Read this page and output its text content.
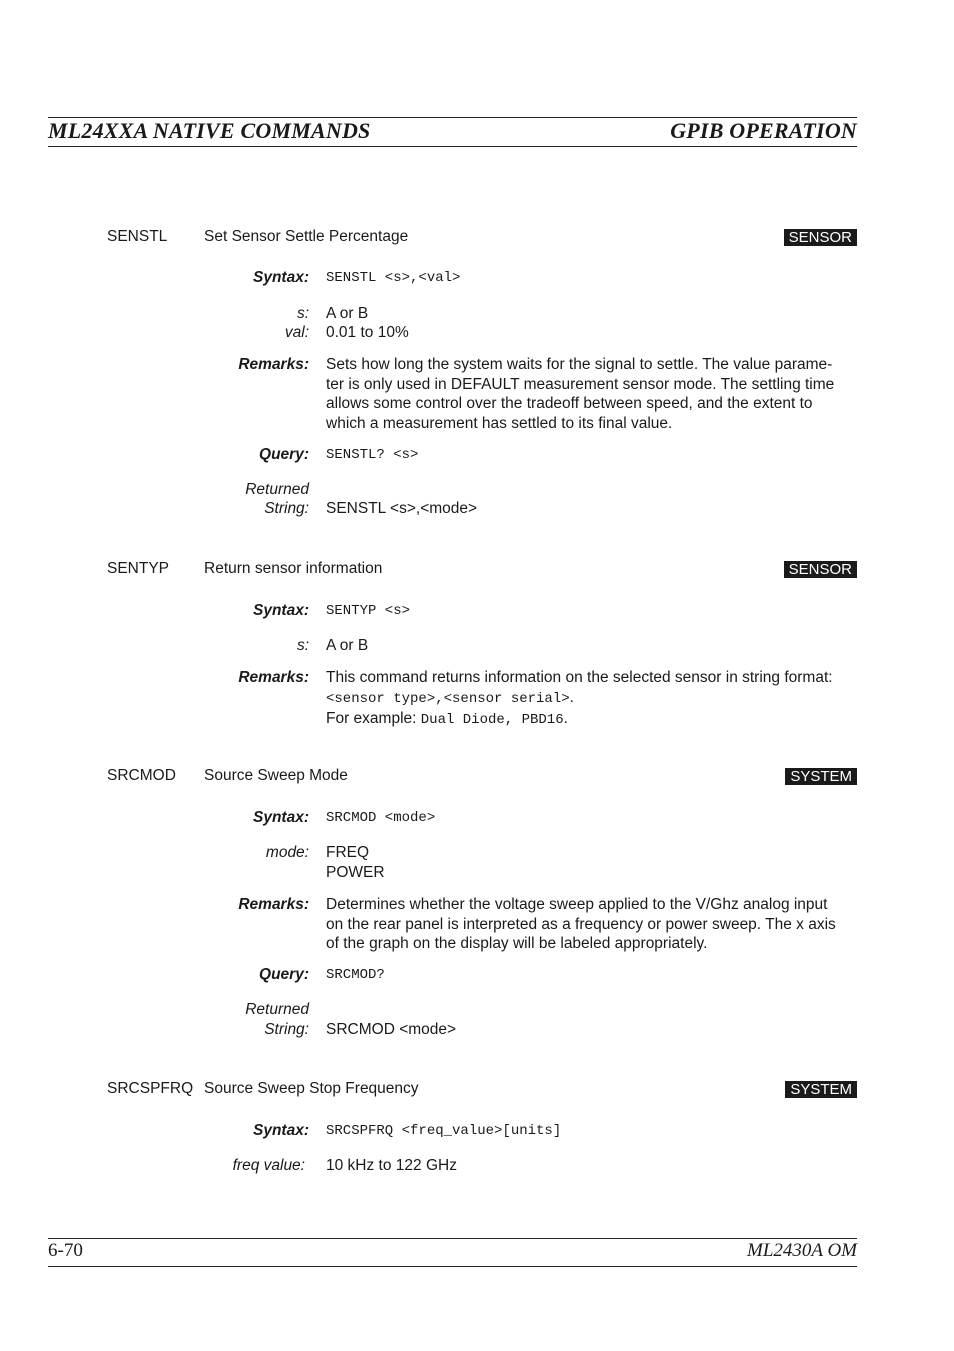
ML24XXA NATIVE COMMANDS	GPIB OPERATION
SENSTL Set Sensor Settle Percentage	SENSOR
Syntax: SENSTL <s>,<val>
s: A or B
val: 0.01 to 10%
Remarks: Sets how long the system waits for the signal to settle. The value parame-
ter is only used in DEFAULT measurement sensor mode. The settling time
allows some control over the tradeoff between speed, and the extent to
which a measurement has settled to its final value.
Query: SENSTL? <s>
Returned
String: SENSTL <s>,<mode>
SENTYP Return sensor information	SENSOR
Syntax: SENTYP <s>
s: A or B
Remarks: This command returns information on the selected sensor in string format:
<sensor type>,<sensor serial>.
For example: Dual Diode, PBD16.
SRCMOD Source Sweep Mode	SYSTEM
Syntax: SRCMOD <mode>
mode: FREQ
POWER
Remarks: Determines whether the voltage sweep applied to the V/Ghz analog input
on the rear panel is interpreted as a frequency or power sweep. The x axis
of the graph on the display will be labeled appropriately.
Query: SRCMOD?
Returned
String: SRCMOD <mode>
SRCSPFRQ Source Sweep Stop Frequency	SYSTEM
Syntax: SRCSPFRQ <freq_value>[units]
freq value: 10 kHz to 122 GHz
6-70	ML2430A OM
